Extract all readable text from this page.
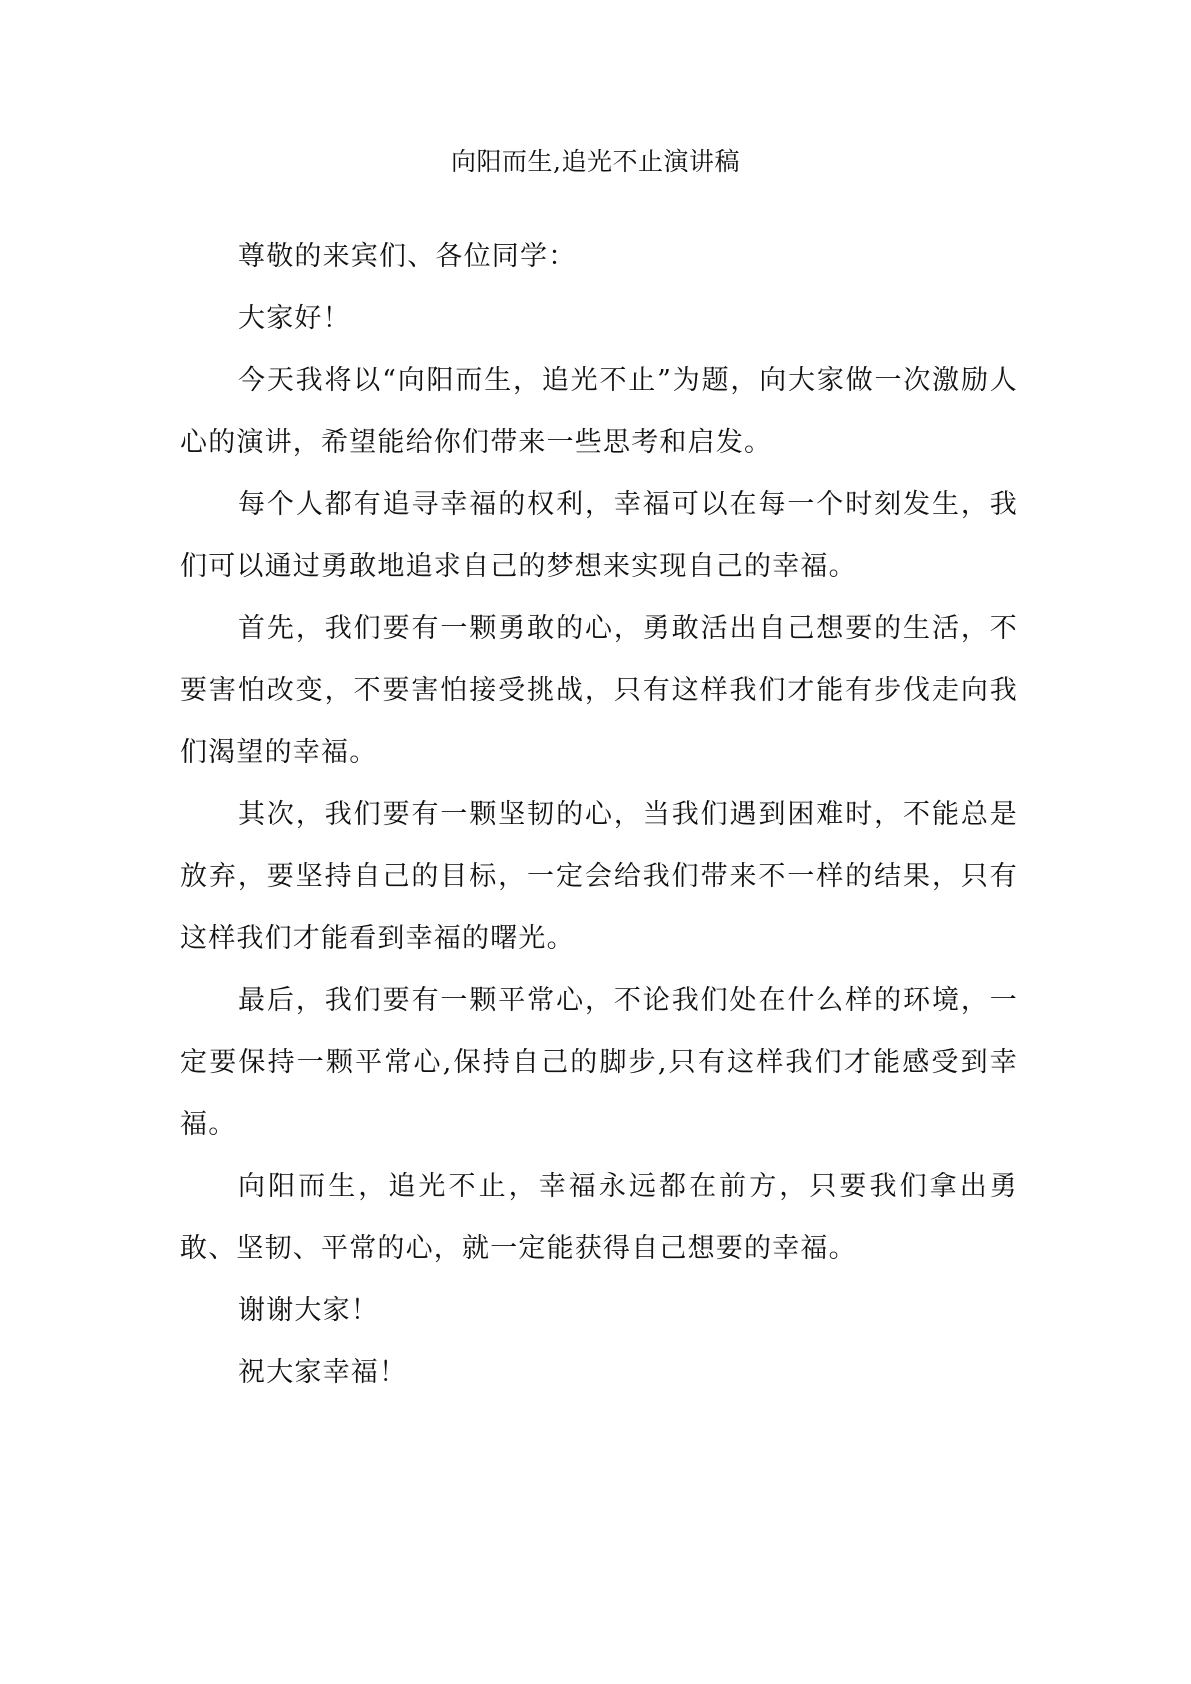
向阳而生,追光不止演讲稿

尊敬的来宾们、各位同学：

大家好！

今天我将以“向阳而生，追光不止”为题，向大家做一次激励人心的演讲，希望能给你们带来一些思考和启发。

每个人都有追寻幸福的权利，幸福可以在每一个时刻发生，我们可以通过勇敢地追求自己的梦想来实现自己的幸福。

首先，我们要有一颗勇敢的心，勇敢活出自己想要的生活，不要害怕改变，不要害怕接受挑战，只有这样我们才能有步伐走向我们渴望的幸福。

其次，我们要有一颗坚韧的心，当我们遇到困难时，不能总是放弃，要坚持自己的目标，一定会给我们带来不一样的结果，只有这样我们才能看到幸福的曙光。

最后，我们要有一颗平常心，不论我们处在什么样的环境，一定要保持一颗平常心,保持自己的脚步,只有这样我们才能感受到幸福。

向阳而生，追光不止，幸福永远都在前方，只要我们拿出勇敢、坚韧、平常的心，就一定能获得自己想要的幸福。

谢谢大家！

祝大家幸福！
